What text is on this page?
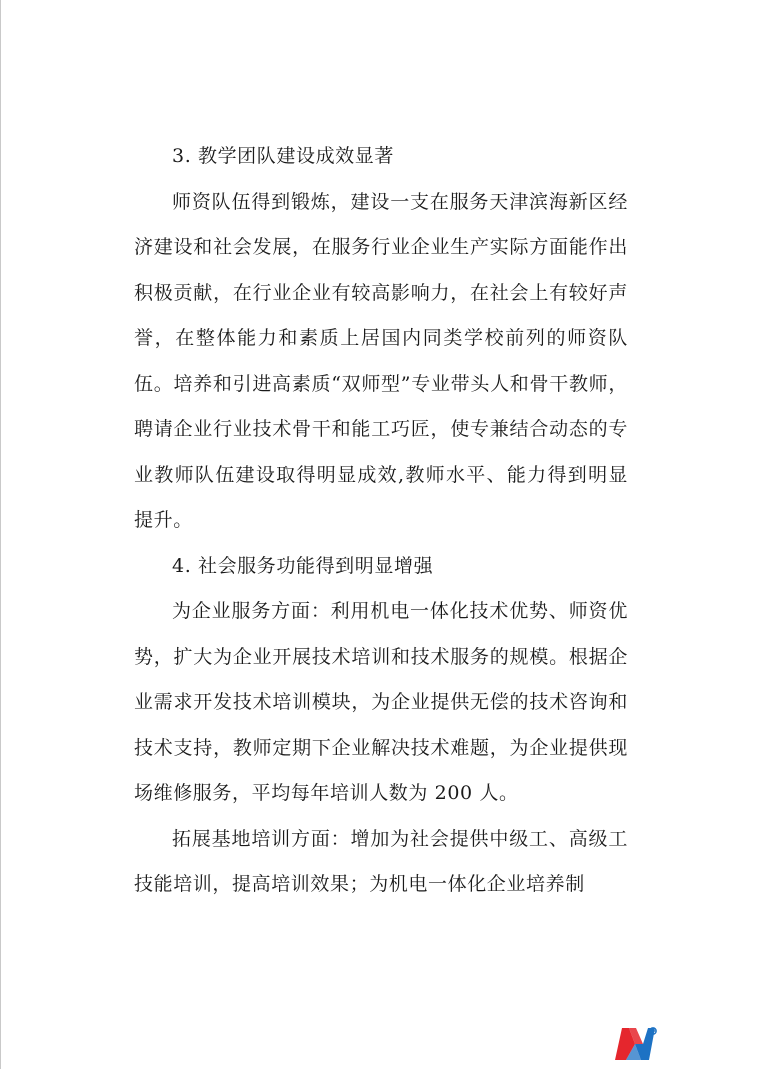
3. 教学团队建设成效显著

师资队伍得到锻炼，建设一支在服务天津滨海新区经济建设和社会发展，在服务行业企业生产实际方面能作出积极贡献，在行业企业有较高影响力，在社会上有较好声誉，在整体能力和素质上居国内同类学校前列的师资队伍。培养和引进高素质“双师型”专业带头人和骨干教师，聘请企业行业技术骨干和能工巧匠，使专兼结合动态的专业教师队伍建设取得明显成效,教师水平、能力得到明显提升。

4. 社会服务功能得到明显增强

为企业服务方面：利用机电一体化技术优势、师资优势，扩大为企业开展技术培训和技术服务的规模。根据企业需求开发技术培训模块，为企业提供无偿的技术咨询和技术支持，教师定期下企业解决技术难题，为企业提供现场维修服务，平均每年培训人数为 200 人。

拓展基地培训方面：增加为社会提供中级工、高级工技能培训，提高培训效果；为机电一体化企业培养制
